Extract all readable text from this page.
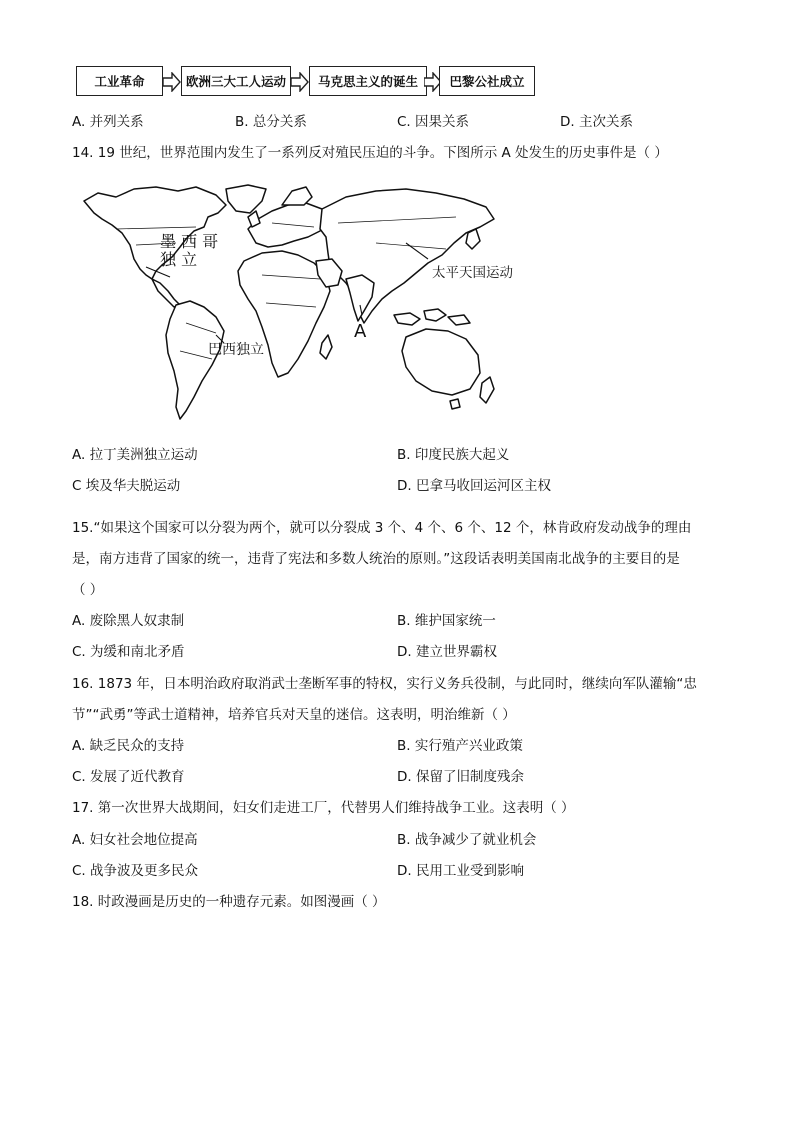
工业革命	欧洲三大工人运动	马克思主义的诞生	巴黎公社成立
A. 并列关系	B. 总分关系	C. 因果关系	D. 主次关系
14. 19 世纪，世界范围内发生了一系列反对殖民压迫的斗争。下图所示 A 处发生的历史事件是（ ）
墨 西 哥
独 立
太平天国运动
巴西独立
A
A. 拉丁美洲独立运动	B. 印度民族大起义
C 埃及华夫脱运动	D. 巴拿马收回运河区主权
15.“如果这个国家可以分裂为两个，就可以分裂成 3 个、4 个、6 个、12 个，林肯政府发动战争的理由
是，南方违背了国家的统一，违背了宪法和多数人统治的原则。”这段话表明美国南北战争的主要目的是
（ ）
A. 废除黑人奴隶制	B. 维护国家统一
C. 为缓和南北矛盾	D. 建立世界霸权
16. 1873 年，日本明治政府取消武士垄断军事的特权，实行义务兵役制，与此同时，继续向军队灌输“忠
节”“武勇”等武士道精神，培养官兵对天皇的迷信。这表明，明治维新（ ）
A. 缺乏民众的支持	B. 实行殖产兴业政策
C. 发展了近代教育	D. 保留了旧制度残余
17. 第一次世界大战期间，妇女们走进工厂，代替男人们维持战争工业。这表明（ ）
A. 妇女社会地位提高	B. 战争减少了就业机会
C. 战争波及更多民众	D. 民用工业受到影响
18. 时政漫画是历史的一种遗存元素。如图漫画（ ）
